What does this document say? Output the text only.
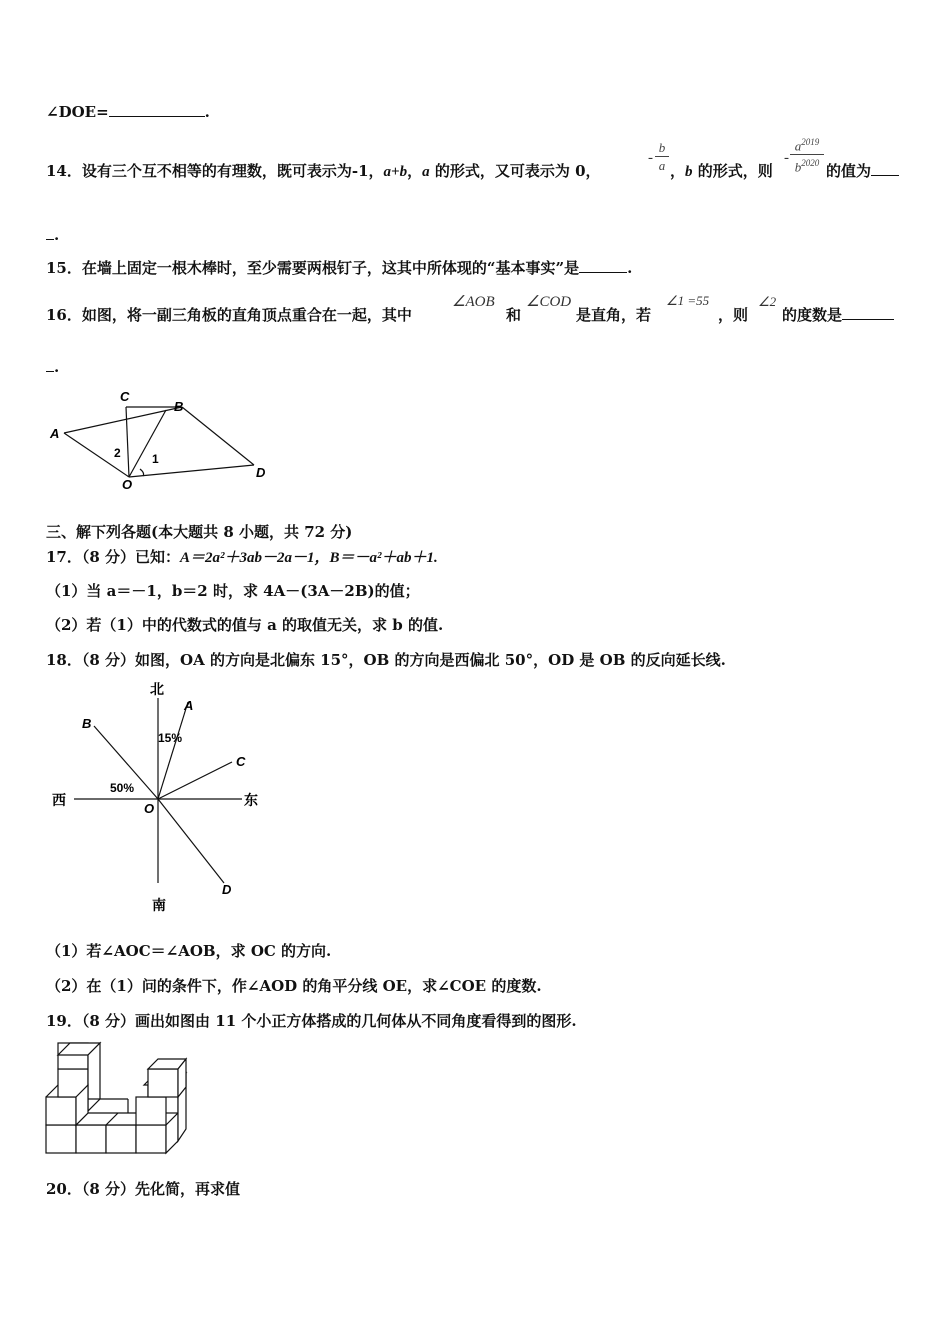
∠DOE=	.
14．设有三个互不相等的有理数，既可表示为-1，a+b，a 的形式，又可表示为 0，
-
b
a ，b 的形式，则
-
$a^{2019}$
$b^{2020}$ 的值为
.
15．在墙上固定一根木棒时，至少需要两根钉子，这其中所体现的“基本事实”是	.
16．如图，将一副三角板的直角顶点重合在一起，其中
∠AOB
和
∠COD
是直角，若
∠1 =55
，则
∠2
的度数是
.
A
B
C
D
O
1
2
三、解下列各题(本大题共 8 小题，共 72 分)
17．（8 分）已知：A＝2a²＋3ab－2a－1，B＝－a²＋ab＋1.
（1）当 a＝－1，b＝2 时，求 4A－(3A－2B)的值；
（2）若（1）中的代数式的值与 a 的取值无关，求 b 的值.
18．（8 分）如图，OA 的方向是北偏东 15°，OB 的方向是西偏北 50°，OD 是 OB 的反向延长线.
北
南
西	东
A
B
C
D
O
15%
50%
（1）若∠AOC＝∠AOB，求 OC 的方向.
（2）在（1）问的条件下，作∠AOD 的角平分线 OE，求∠COE 的度数.
19．（8 分）画出如图由 11 个小正方体搭成的几何体从不同角度看得到的图形.
20．（8 分）先化简，再求值
